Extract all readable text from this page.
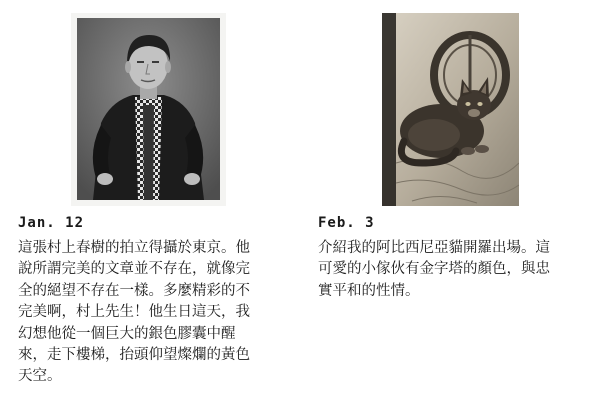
Jan. 12
這張村上春樹的拍立得攝於東京。他
說所謂完美的文章並不存在，就像完
全的絕望不存在一樣。多麼精彩的不
完美啊，村上先生！他生日這天，我
幻想他從一個巨大的銀色膠囊中醒
來，走下樓梯，抬頭仰望燦爛的黃色
天空。
Feb. 3
介紹我的阿比西尼亞貓開羅出場。這
可愛的小傢伙有金字塔的顏色，與忠
實平和的性情。
